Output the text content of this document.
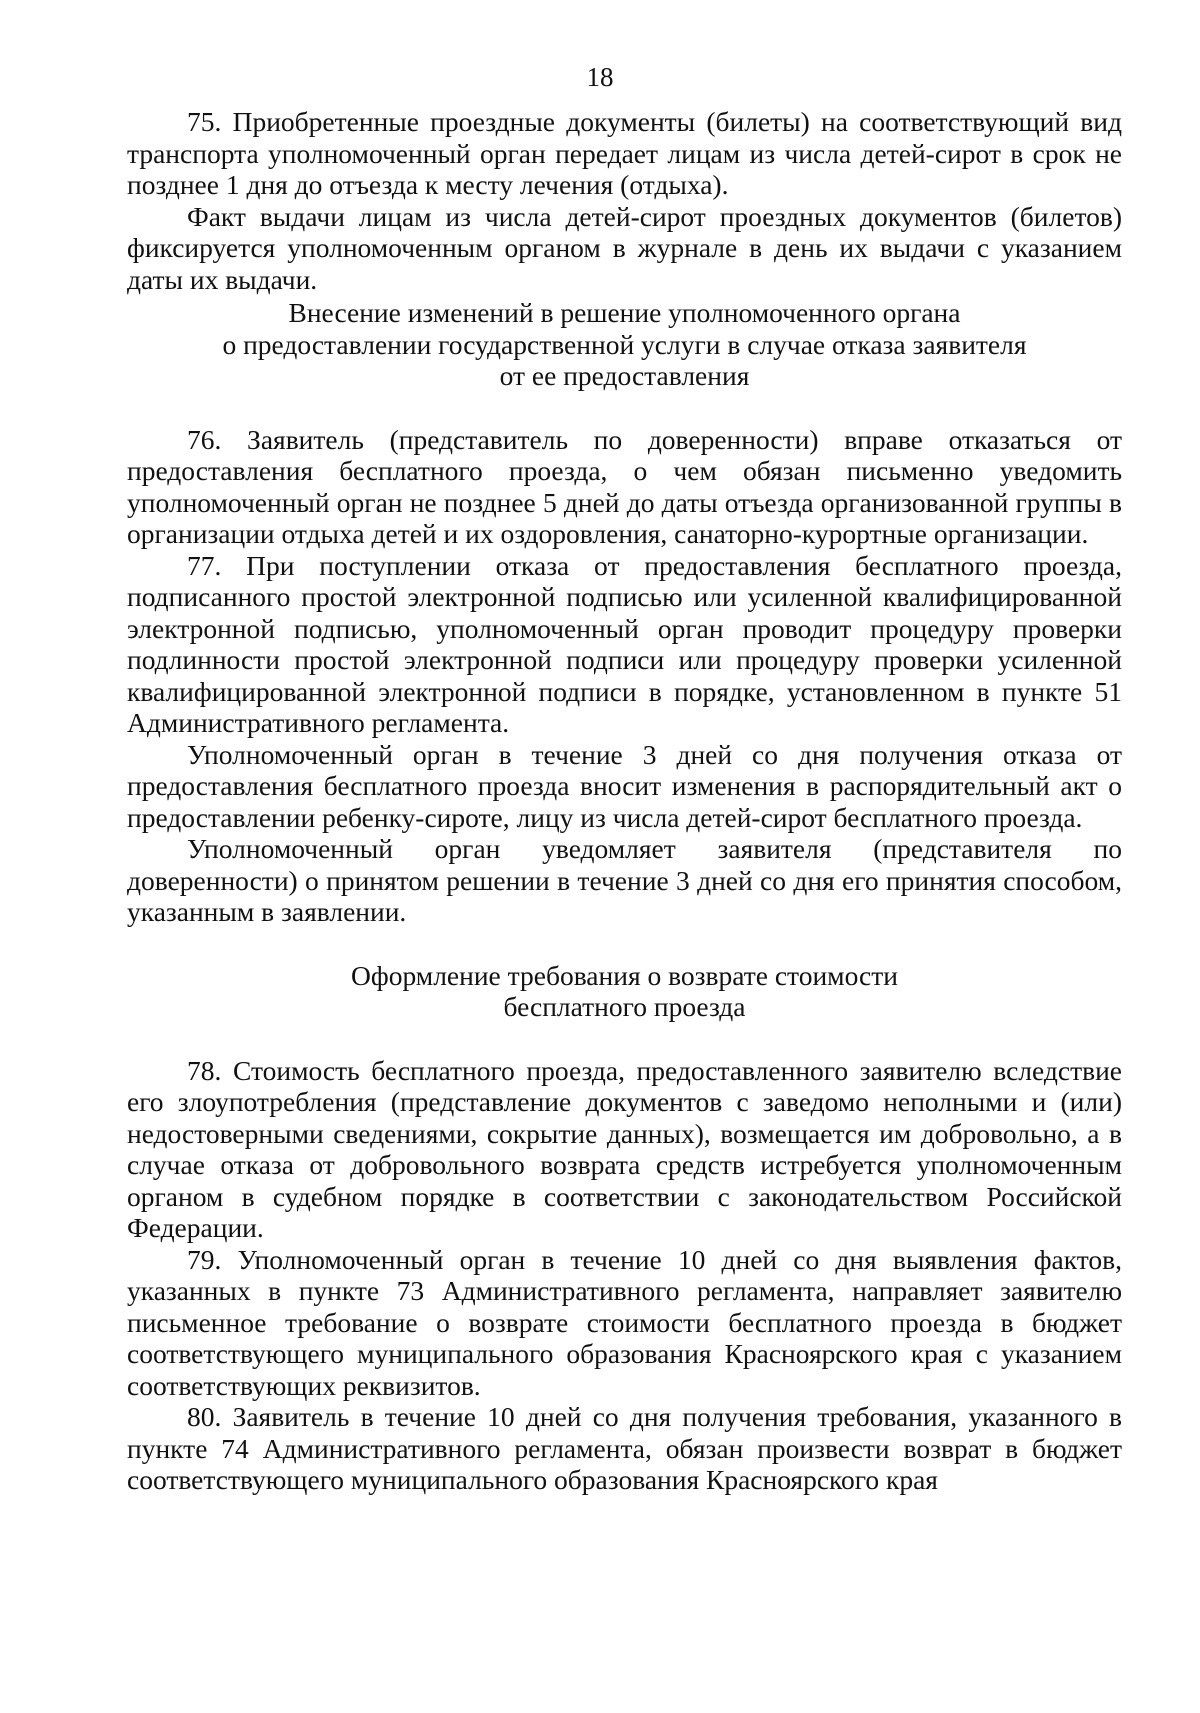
18

75. Приобретенные проездные документы (билеты) на соответствующий вид транспорта уполномоченный орган передает лицам из числа детей-сирот в срок не позднее 1 дня до отъезда к месту лечения (отдыха).

Факт выдачи лицам из числа детей-сирот проездных документов (билетов) фиксируется уполномоченным органом в журнале в день их выдачи с указанием даты их выдачи.

Внесение изменений в решение уполномоченного органа
о предоставлении государственной услуги в случае отказа заявителя
от ее предоставления

76. Заявитель (представитель по доверенности) вправе отказаться от предоставления бесплатного проезда, о чем обязан письменно уведомить уполномоченный орган не позднее 5 дней до даты отъезда организованной группы в организации отдыха детей и их оздоровления, санаторно-курортные организации.

77. При поступлении отказа от предоставления бесплатного проезда, подписанного простой электронной подписью или усиленной квалифицированной электронной подписью, уполномоченный орган проводит процедуру проверки подлинности простой электронной подписи или процедуру проверки усиленной квалифицированной электронной подписи в порядке, установленном в пункте 51 Административного регламента.

Уполномоченный орган в течение 3 дней со дня получения отказа от предоставления бесплатного проезда вносит изменения в распорядительный акт о предоставлении ребенку-сироте, лицу из числа детей-сирот бесплатного проезда.

Уполномоченный орган уведомляет заявителя (представителя по доверенности) о принятом решении в течение 3 дней со дня его принятия способом, указанным в заявлении.

Оформление требования о возврате стоимости
бесплатного проезда

78. Стоимость бесплатного проезда, предоставленного заявителю вследствие его злоупотребления (представление документов с заведомо неполными и (или) недостоверными сведениями, сокрытие данных), возмещается им добровольно, а в случае отказа от добровольного возврата средств истребуется уполномоченным органом в судебном порядке в соответствии с законодательством Российской Федерации.

79. Уполномоченный орган в течение 10 дней со дня выявления фактов, указанных в пункте 73 Административного регламента, направляет заявителю письменное требование о возврате стоимости бесплатного проезда в бюджет соответствующего муниципального образования Красноярского края с указанием соответствующих реквизитов.

80. Заявитель в течение 10 дней со дня получения требования, указанного в пункте 74 Административного регламента, обязан произвести возврат в бюджет соответствующего муниципального образования Красноярского края
